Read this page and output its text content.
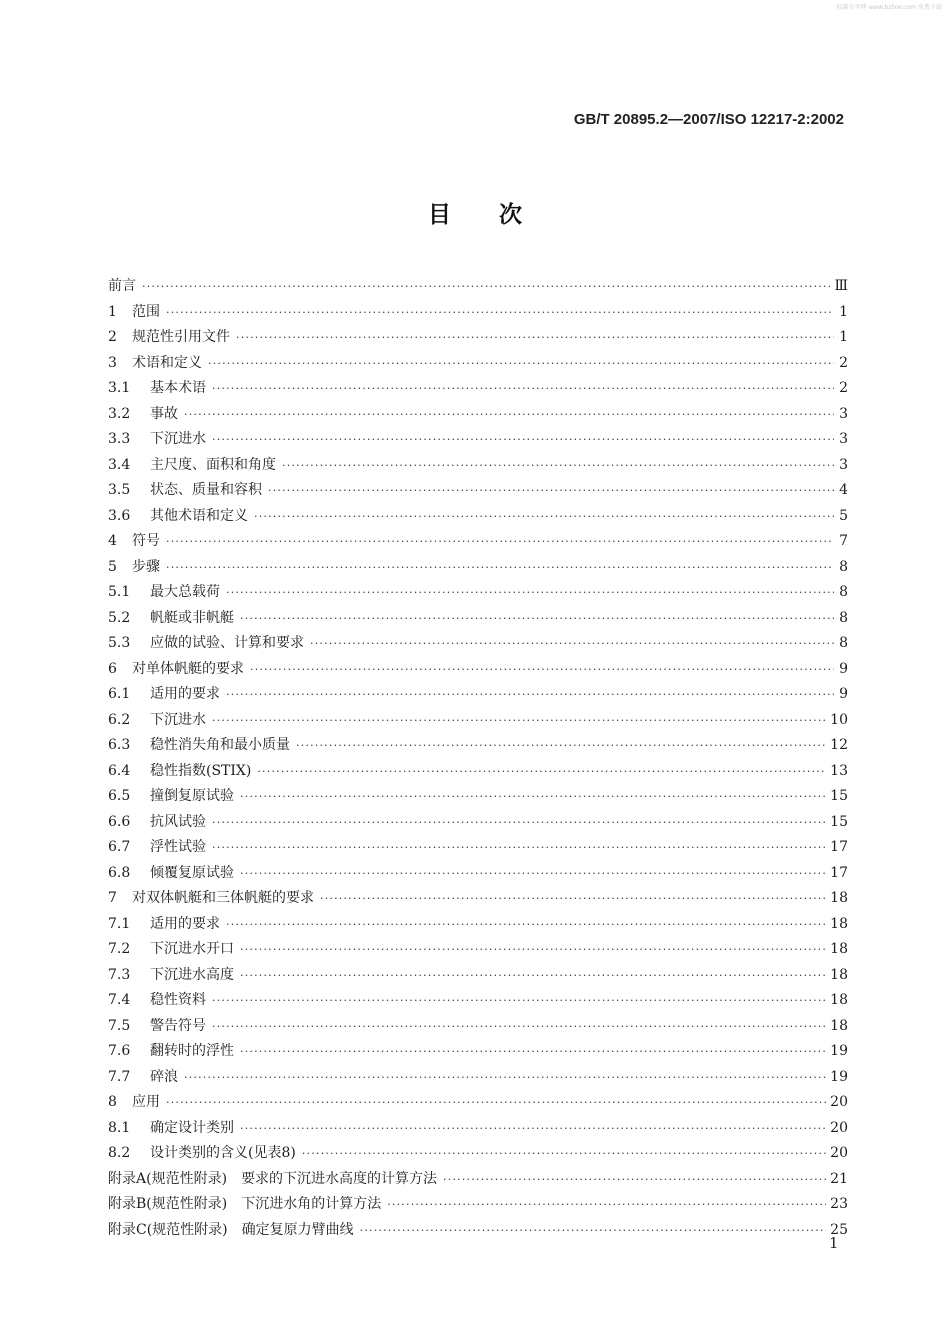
标准分享网 www.bzfxw.com 免费下载
GB/T 20895.2—2007/ISO 12217-2:2002
目次
前言 ·····	Ⅲ
1	范围 ·····	1
2	规范性引用文件 ·····	1
3	术语和定义 ·····	2
3.1	基本术语 ·····	2
3.2	事故 ·····	3
3.3	下沉进水 ·····	3
3.4	主尺度、面积和角度 ·····	3
3.5	状态、质量和容积 ·····	4
3.6	其他术语和定义 ·····	5
4	符号 ·····	7
5	步骤 ·····	8
5.1	最大总载荷 ·····	8
5.2	帆艇或非帆艇 ·····	8
5.3	应做的试验、计算和要求 ·····	8
6	对单体帆艇的要求 ·····	9
6.1	适用的要求 ·····	9
6.2	下沉进水 ·····	10
6.3	稳性消失角和最小质量 ·····	12
6.4	稳性指数(STIX) ·····	13
6.5	撞倒复原试验 ·····	15
6.6	抗风试验 ·····	15
6.7	浮性试验 ·····	17
6.8	倾覆复原试验 ·····	17
7	对双体帆艇和三体帆艇的要求 ·····	18
7.1	适用的要求 ·····	18
7.2	下沉进水开口 ·····	18
7.3	下沉进水高度 ·····	18
7.4	稳性资料 ·····	18
7.5	警告符号 ·····	18
7.6	翻转时的浮性 ·····	19
7.7	碎浪 ·····	19
8	应用 ·····	20
8.1	确定设计类别 ·····	20
8.2	设计类别的含义(见表8) ·····	20
附录A(规范性附录)　要求的下沉进水高度的计算方法 ·····	21
附录B(规范性附录)　下沉进水角的计算方法 ·····	23
附录C(规范性附录)　确定复原力臂曲线 ·····	25
1
